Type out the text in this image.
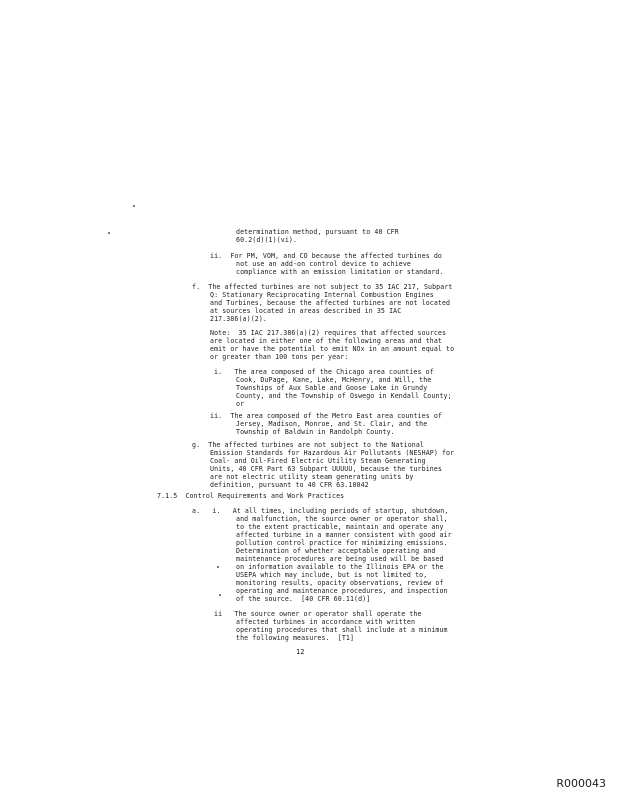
determination method, pursuant to 40 CFR
60.2(d)(1)(vi).
ii.  For PM, VOM, and CO because the affected turbines do
not use an add-on control device to achieve
compliance with an emission limitation or standard.
f.  The affected turbines are not subject to 35 IAC 217, Subpart
Q: Stationary Reciprocating Internal Combustion Engines
and Turbines, because the affected turbines are not located
at sources located in areas described in 35 IAC
217.386(a)(2).
Note:  35 IAC 217.386(a)(2) requires that affected sources
are located in either one of the following areas and that
emit or have the potential to emit NOx in an amount equal to
or greater than 100 tons per year:
i.   The area composed of the Chicago area counties of
Cook, DuPage, Kane, Lake, McHenry, and Will, the
Townships of Aux Sable and Goose Lake in Grundy
County, and the Township of Oswego in Kendall County;
or
ii.  The area composed of the Metro East area counties of
Jersey, Madison, Monroe, and St. Clair, and the
Township of Baldwin in Randolph County.
g.  The affected turbines are not subject to the National
Emission Standards for Hazardous Air Pollutants (NESHAP) for
Coal- and Oil-Fired Electric Utility Steam Generating
Units, 40 CFR Part 63 Subpart UUUUU, because the turbines
are not electric utility steam generating units by
definition, pursuant to 40 CFR 63.10042
7.1.5  Control Requirements and Work Practices
a.   i.   At all times, including periods of startup, shutdown,
and malfunction, the source owner or operator shall,
to the extent practicable, maintain and operate any
affected turbine in a manner consistent with good air
pollution control practice for minimizing emissions.
Determination of whether acceptable operating and
maintenance procedures are being used will be based
on information available to the Illinois EPA or the
USEPA which may include, but is not limited to,
monitoring results, opacity observations, review of
operating and maintenance procedures, and inspection
of the source.  [40 CFR 60.11(d)]
ii   The source owner or operator shall operate the
affected turbines in accordance with written
operating procedures that shall include at a minimum
the following measures.  [T1]
12
R000043
